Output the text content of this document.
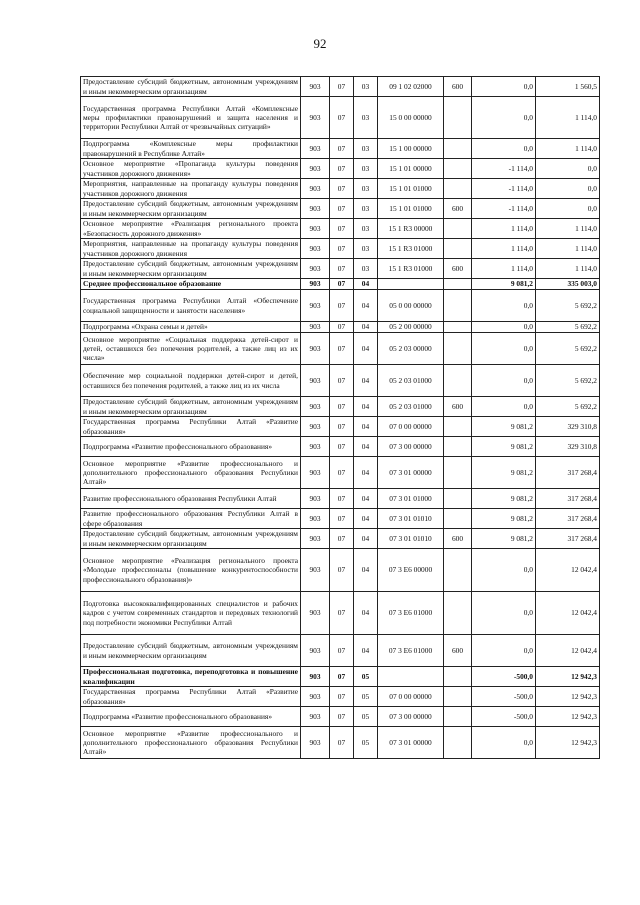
92
Предоставление субсидий бюджетным, автономным учреждениям и иным некоммерческим организациям	903	07	03	09 1 02 02000	600	0,0	1 560,5
Государственная программа Республики Алтай «Комплексные меры профилактики правонарушений и защита населения и территории Республики Алтай от чрезвычайных ситуаций»	903	07	03	15 0 00 00000		0,0	1 114,0
Подпрограмма «Комплексные меры профилактики правонарушений в Республике Алтай»	903	07	03	15 1 00 00000		0,0	1 114,0
Основное мероприятие «Пропаганда культуры поведения участников дорожного движения»	903	07	03	15 1 01 00000		-1 114,0	0,0
Мероприятия, направленные на пропаганду культуры поведения участников дорожного движения	903	07	03	15 1 01 01000		-1 114,0	0,0
Предоставление субсидий бюджетным, автономным учреждениям и иным некоммерческим организациям	903	07	03	15 1 01 01000	600	-1 114,0	0,0
Основное мероприятие «Реализация регионального проекта «Безопасность дорожного движения»	903	07	03	15 1 R3 00000		1 114,0	1 114,0
Мероприятия, направленные на пропаганду культуры поведения участников дорожного движения	903	07	03	15 1 R3 01000		1 114,0	1 114,0
Предоставление субсидий бюджетным, автономным учреждениям и иным некоммерческим организациям	903	07	03	15 1 R3 01000	600	1 114,0	1 114,0
Среднее профессиональное образование	903	07	04			9 081,2	335 003,0
Государственная программа Республики Алтай «Обеспечение социальной защищенности и занятости населения»	903	07	04	05 0 00 00000		0,0	5 692,2
Подпрограмма «Охрана семьи и детей»	903	07	04	05 2 00 00000		0,0	5 692,2
Основное мероприятие «Социальная поддержка детей-сирот и детей, оставшихся без попечения родителей, а также лиц из их числа»	903	07	04	05 2 03 00000		0,0	5 692,2
Обеспечение мер социальной поддержки детей-сирот и детей, оставшихся без попечения родителей, а также лиц из их числа	903	07	04	05 2 03 01000		0,0	5 692,2
Предоставление субсидий бюджетным, автономным учреждениям и иным некоммерческим организациям	903	07	04	05 2 03 01000	600	0,0	5 692,2
Государственная программа Республики Алтай «Развитие образования»	903	07	04	07 0 00 00000		9 081,2	329 310,8
Подпрограмма «Развитие профессионального образования»	903	07	04	07 3 00 00000		9 081,2	329 310,8
Основное мероприятие «Развитие профессионального и дополнительного профессионального образования Республики Алтай»	903	07	04	07 3 01 00000		9 081,2	317 268,4
Развитие профессионального образования Республики Алтай	903	07	04	07 3 01 01000		9 081,2	317 268,4
Развитие профессионального образования Республики Алтай в сфере образования	903	07	04	07 3 01 01010		9 081,2	317 268,4
Предоставление субсидий бюджетным, автономным учреждениям и иным некоммерческим организациям	903	07	04	07 3 01 01010	600	9 081,2	317 268,4
Основное мероприятие «Реализация регионального проекта «Молодые профессионалы (повышение конкурентоспособности профессионального образования)»	903	07	04	07 3 E6 00000		0,0	12 042,4
Подготовка высококвалифицированных специалистов и рабочих кадров с учетом современных стандартов и передовых технологий под потребности экономики Республики Алтай	903	07	04	07 3 E6 01000		0,0	12 042,4
Предоставление субсидий бюджетным, автономным учреждениям и иным некоммерческим организациям	903	07	04	07 3 E6 01000	600	0,0	12 042,4
Профессиональная подготовка, переподготовка и повышение квалификации	903	07	05			-500,0	12 942,3
Государственная программа Республики Алтай «Развитие образования»	903	07	05	07 0 00 00000		-500,0	12 942,3
Подпрограмма «Развитие профессионального образования»	903	07	05	07 3 00 00000		-500,0	12 942,3
Основное мероприятие «Развитие профессионального и дополнительного профессионального образования Республики Алтай»	903	07	05	07 3 01 00000		0,0	12 942,3
